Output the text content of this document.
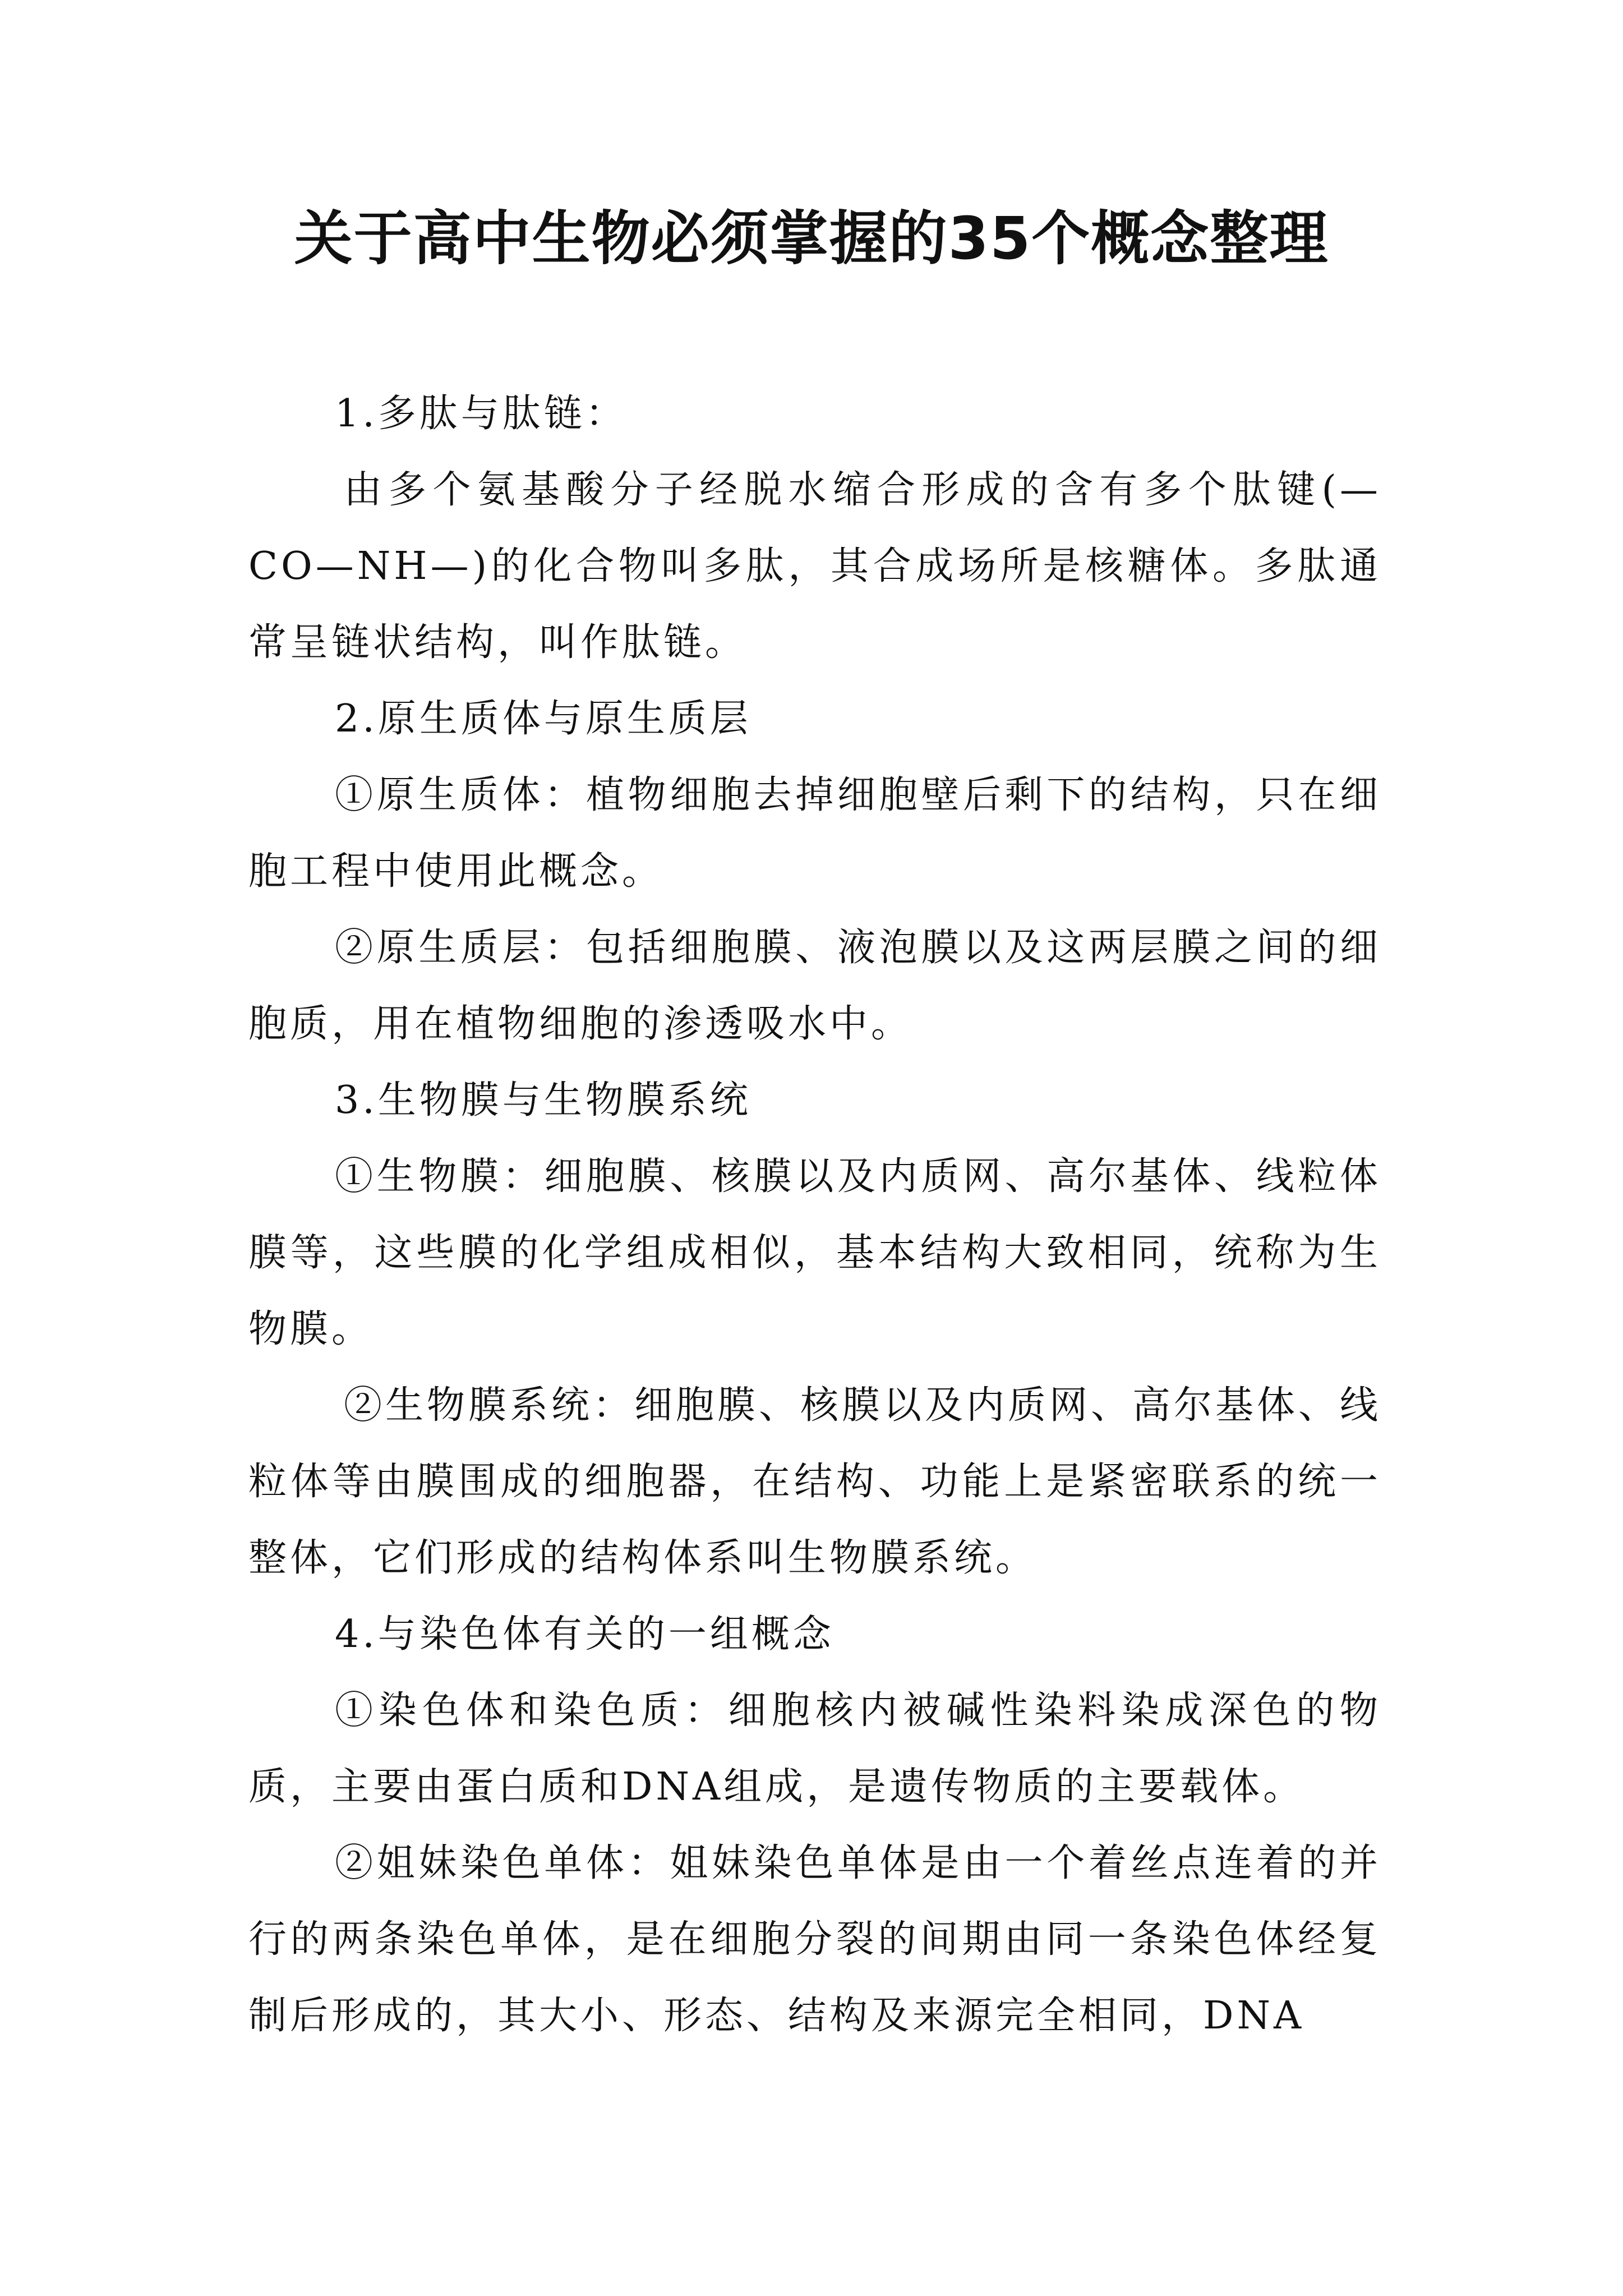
关于高中生物必须掌握的35个概念整理

1.多肽与肽链：

由多个氨基酸分子经脱水缩合形成的含有多个肽键(—CO—NH—)的化合物叫多肽，其合成场所是核糖体。多肽通常呈链状结构，叫作肽链。

2.原生质体与原生质层

①原生质体：植物细胞去掉细胞壁后剩下的结构，只在细胞工程中使用此概念。

②原生质层：包括细胞膜、液泡膜以及这两层膜之间的细胞质，用在植物细胞的渗透吸水中。

3.生物膜与生物膜系统

①生物膜：细胞膜、核膜以及内质网、高尔基体、线粒体膜等，这些膜的化学组成相似，基本结构大致相同，统称为生物膜。

②生物膜系统：细胞膜、核膜以及内质网、高尔基体、线粒体等由膜围成的细胞器，在结构、功能上是紧密联系的统一整体，它们形成的结构体系叫生物膜系统。

4.与染色体有关的一组概念

①染色体和染色质：细胞核内被碱性染料染成深色的物质，主要由蛋白质和DNA组成，是遗传物质的主要载体。

②姐妹染色单体：姐妹染色单体是由一个着丝点连着的并行的两条染色单体，是在细胞分裂的间期由同一条染色体经复制后形成的，其大小、形态、结构及来源完全相同，DNA
